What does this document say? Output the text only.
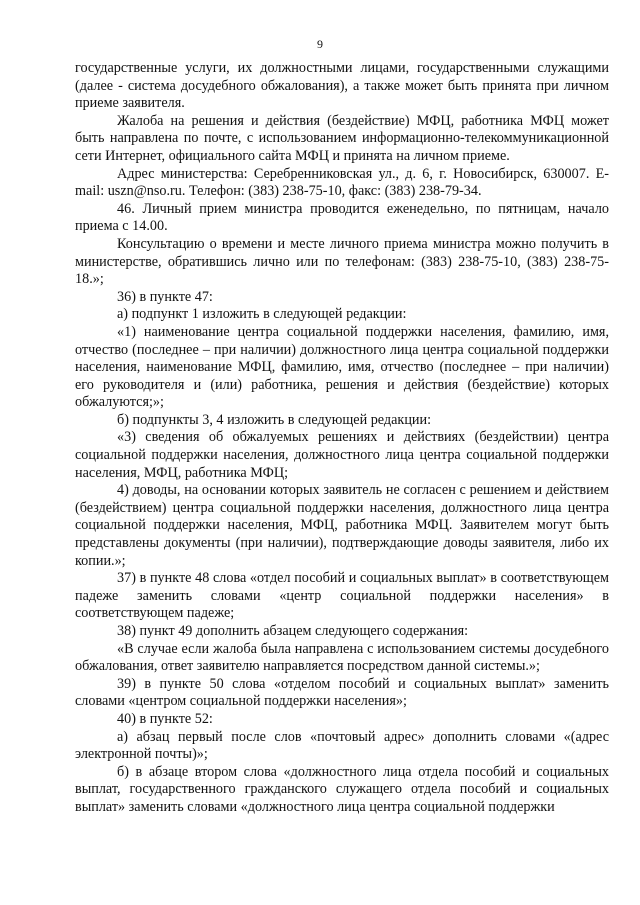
9

государственные услуги, их должностными лицами, государственными служащими (далее - система досудебного обжалования), а также может быть принята при личном приеме заявителя.

Жалоба на решения и действия (бездействие) МФЦ, работника МФЦ может быть направлена по почте, с использованием информационно-телекоммуникационной сети Интернет, официального сайта МФЦ и принята на личном приеме.

Адрес министерства: Серебренниковская ул., д. 6, г. Новосибирск, 630007. E-mail: uszn@nso.ru. Телефон: (383) 238-75-10, факс: (383) 238-79-34.

46. Личный прием министра проводится еженедельно, по пятницам, начало приема с 14.00.

Консультацию о времени и месте личного приема министра можно получить в министерстве, обратившись лично или по телефонам: (383) 238-75-10, (383) 238-75-18.»;

36) в пункте 47:

а) подпункт 1 изложить в следующей редакции:

«1) наименование центра социальной поддержки населения, фамилию, имя, отчество (последнее – при наличии) должностного лица центра социальной поддержки населения, наименование МФЦ, фамилию, имя, отчество (последнее – при наличии) его руководителя и (или) работника, решения и действия (бездействие) которых обжалуются;»;

б) подпункты 3, 4 изложить в следующей редакции:

«3) сведения об обжалуемых решениях и действиях (бездействии) центра социальной поддержки населения, должностного лица центра социальной поддержки населения, МФЦ, работника МФЦ;

4) доводы, на основании которых заявитель не согласен с решением и действием (бездействием) центра социальной поддержки населения, должностного лица центра социальной поддержки населения, МФЦ, работника МФЦ. Заявителем могут быть представлены документы (при наличии), подтверждающие доводы заявителя, либо их копии.»;

37) в пункте 48 слова «отдел пособий и социальных выплат» в соответствующем падеже заменить словами «центр социальной поддержки населения» в соответствующем падеже;

38) пункт 49 дополнить абзацем следующего содержания:

«В случае если жалоба была направлена с использованием системы досудебного обжалования, ответ заявителю направляется посредством данной системы.»;

39) в пункте 50 слова «отделом пособий и социальных выплат» заменить словами «центром социальной поддержки населения»;

40) в пункте 52:

а) абзац первый после слов «почтовый адрес» дополнить словами «(адрес электронной почты)»;

б) в абзаце втором слова «должностного лица отдела пособий и социальных выплат, государственного гражданского служащего отдела пособий и социальных выплат» заменить словами «должностного лица центра социальной поддержки
